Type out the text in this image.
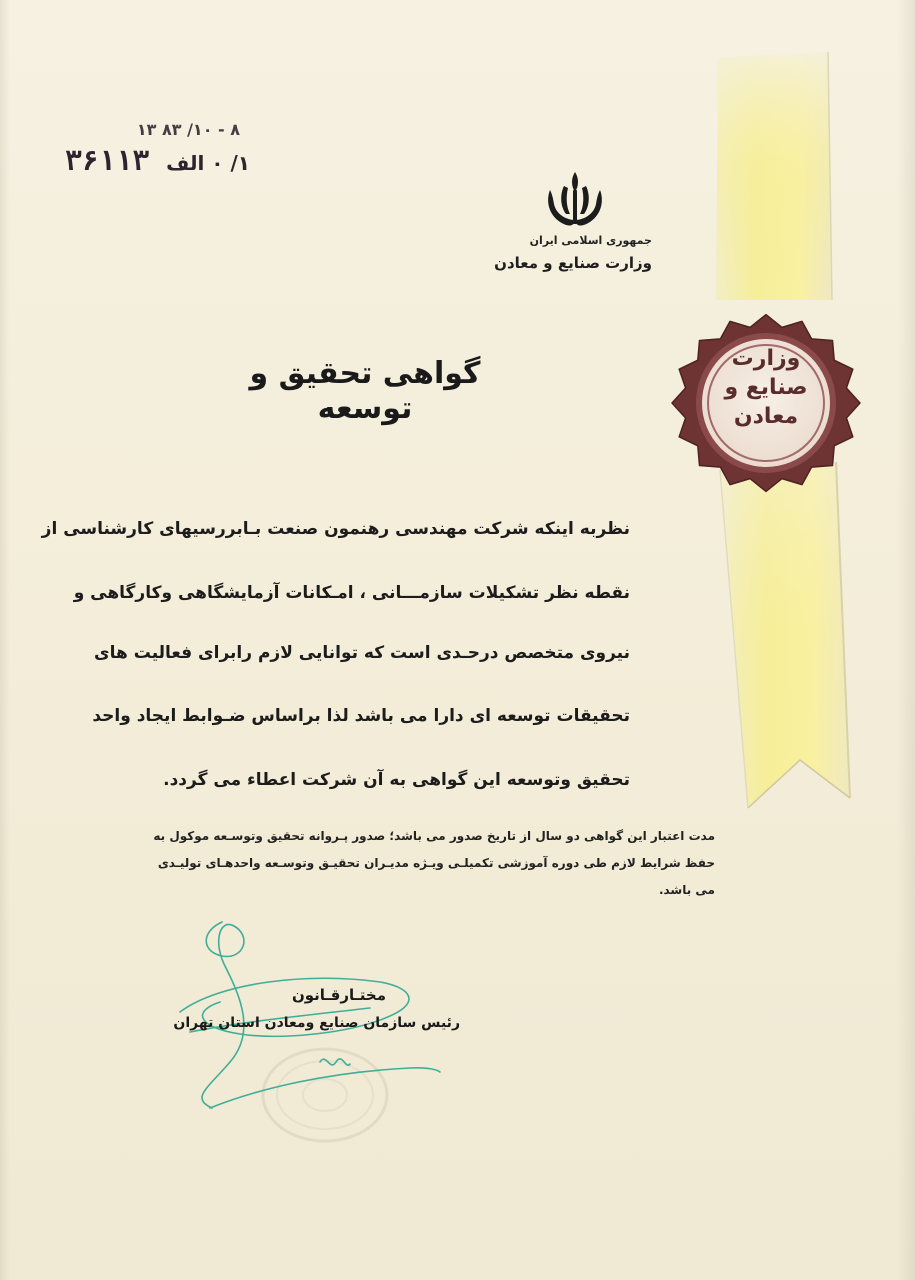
۸ - ۱۰/ ۸۳ ۱۳
۱/ ۰ الف ۳۶۱۱۳
جمهوری اسلامی ایران
وزارت صنایع و معادن
گواهی تحقیق و توسعه
وزارت
صنایع و
معادن
نظربه اینکه شرکت مهندسی رهنمون صنعت بـابررسیهای کارشناسی از
نقطه نظر تشکیلات سازمـــانی ، امـکانات آزمایشگاهی وکارگاهی و
نیروی متخصص درحـدی است که توانایی لازم رابرای فعالیت های
تحقیقات توسعه ای دارا می باشد لذا براساس ضـوابط ایجاد واحد
تحقیق وتوسعه این گواهی به آن شرکت اعطاء می گردد.
مدت اعتبار این گواهی دو سال از تاریخ صدور می باشد؛ صدور پـروانه تحقیق وتوسـعه موکول به
حفظ شرایط لازم طی دوره آموزشی تکمیلـی ویـژه مدیـران تحقیـق وتوسـعه واحدهـای تولیـدی
می باشد.
مختـارقـانون
رئیس سازمان صنایع ومعادن استان تهران
